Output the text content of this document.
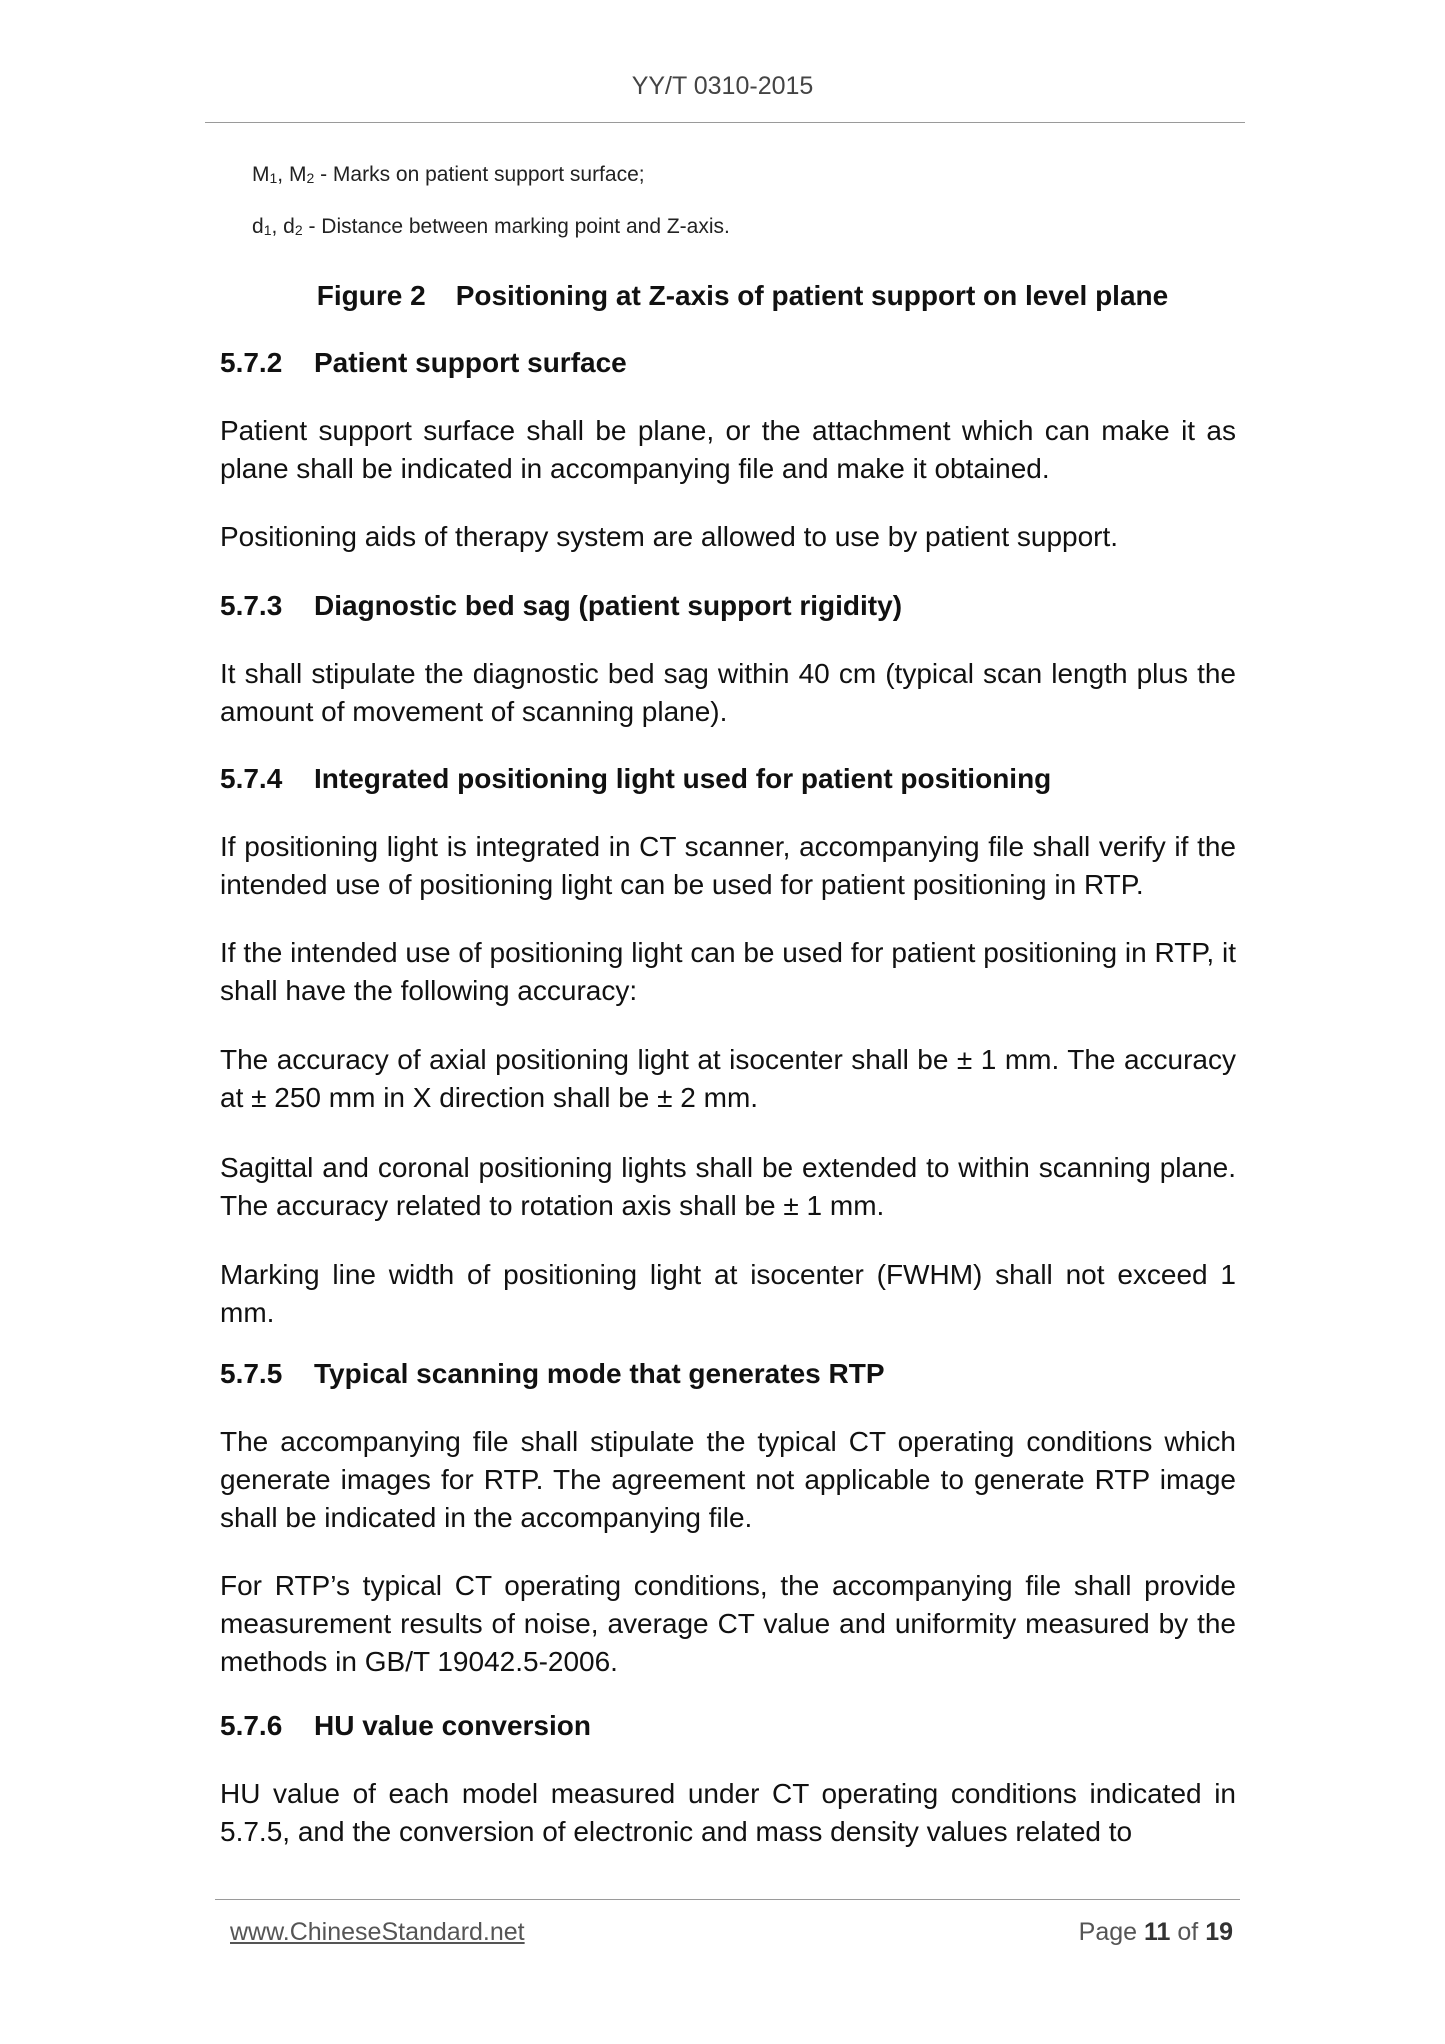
YY/T 0310-2015
$M_1$, $M_2$ - Marks on patient support surface;
$d_1$, $d_2$ - Distance between marking point and Z-axis.
Figure 2 Positioning at Z-axis of patient support on level plane
5.7.2 Patient support surface
Patient support surface shall be plane, or the attachment which can make it as plane shall be indicated in accompanying file and make it obtained.
Positioning aids of therapy system are allowed to use by patient support.
5.7.3 Diagnostic bed sag (patient support rigidity)
It shall stipulate the diagnostic bed sag within 40 cm (typical scan length plus the amount of movement of scanning plane).
5.7.4 Integrated positioning light used for patient positioning
If positioning light is integrated in CT scanner, accompanying file shall verify if the intended use of positioning light can be used for patient positioning in RTP.
If the intended use of positioning light can be used for patient positioning in RTP, it shall have the following accuracy:
The accuracy of axial positioning light at isocenter shall be ± 1 mm. The accuracy at ± 250 mm in X direction shall be ± 2 mm.
Sagittal and coronal positioning lights shall be extended to within scanning plane. The accuracy related to rotation axis shall be ± 1 mm.
Marking line width of positioning light at isocenter (FWHM) shall not exceed 1 mm.
5.7.5 Typical scanning mode that generates RTP
The accompanying file shall stipulate the typical CT operating conditions which generate images for RTP. The agreement not applicable to generate RTP image shall be indicated in the accompanying file.
For RTP’s typical CT operating conditions, the accompanying file shall provide measurement results of noise, average CT value and uniformity measured by the methods in GB/T 19042.5-2006.
5.7.6 HU value conversion
HU value of each model measured under CT operating conditions indicated in 5.7.5, and the conversion of electronic and mass density values related to
www.ChineseStandard.net	Page 11 of 19
